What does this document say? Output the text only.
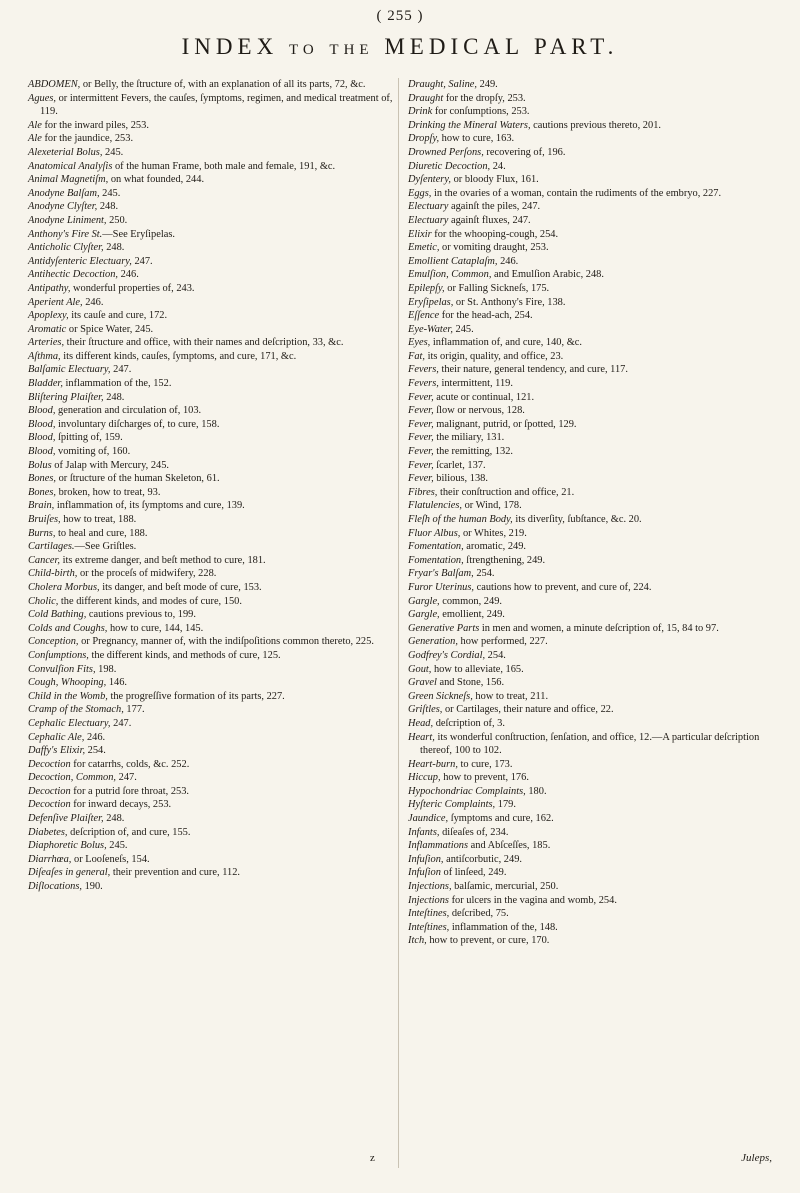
( 255 )
INDEX TO THE MEDICAL PART.

ABDOMEN, or Belly, the ſtructure of, with an explanation of all its parts, 72, &c.

Agues, or intermittent Fevers, the cauſes, ſymptoms, regimen, and medical treatment of, 119.

Ale for the inward piles, 253.

Ale for the jaundice, 253.

Alexeterial Bolus, 245.

Anatomical Analyſis of the human Frame, both male and female, 191, &c.

Animal Magnetiſm, on what founded, 244.

Anodyne Balſam, 245.

Anodyne Clyſter, 248.

Anodyne Liniment, 250.

Anthony's Fire St.—See Eryſipelas.

Anticholic Clyſter, 248.

Antidyſenteric Electuary, 247.

Antihectic Decoction, 246.

Antipathy, wonderful properties of, 243.

Aperient Ale, 246.

Apoplexy, its cauſe and cure, 172.

Aromatic or Spice Water, 245.

Arteries, their ſtructure and office, with their names and deſcription, 33, &c.

Aſthma, its different kinds, cauſes, ſymptoms, and cure, 171, &c.

Balſamic Electuary, 247.

Bladder, inflammation of the, 152.

Bliſtering Plaiſter, 248.

Blood, generation and circulation of, 103.

Blood, involuntary diſcharges of, to cure, 158.

Blood, ſpitting of, 159.

Blood, vomiting of, 160.

Bolus of Jalap with Mercury, 245.

Bones, or ſtructure of the human Skeleton, 61.

Bones, broken, how to treat, 93.

Brain, inflammation of, its ſymptoms and cure, 139.

Bruiſes, how to treat, 188.

Burns, to heal and cure, 188.

Cartilages.—See Griſtles.

Cancer, its extreme danger, and beſt method to cure, 181.

Child-birth, or the proceſs of midwifery, 228.

Cholera Morbus, its danger, and beſt mode of cure, 153.

Cholic, the different kinds, and modes of cure, 150.

Cold Bathing, cautions previous to, 199.

Colds and Coughs, how to cure, 144, 145.

Conception, or Pregnancy, manner of, with the indiſpoſitions common thereto, 225.

Conſumptions, the different kinds, and methods of cure, 125.

Convulſion Fits, 198.

Cough, Whooping, 146.

Child in the Womb, the progreſſive formation of its parts, 227.

Cramp of the Stomach, 177.

Cephalic Electuary, 247.

Cephalic Ale, 246.

Daffy's Elixir, 254.

Decoction for catarrhs, colds, &c. 252.

Decoction, Common, 247.

Decoction for a putrid ſore throat, 253.

Decoction for inward decays, 253.

Defenſive Plaiſter, 248.

Diabetes, deſcription of, and cure, 155.

Diaphoretic Bolus, 245.

Diarrhœa, or Looſeneſs, 154.

Diſeaſes in general, their prevention and cure, 112.

Diſlocations, 190.

Draught, Saline, 249.

Draught for the dropſy, 253.

Drink for conſumptions, 253.

Drinking the Mineral Waters, cautions previous thereto, 201.

Dropſy, how to cure, 163.

Drowned Perſons, recovering of, 196.

Diuretic Decoction, 24.

Dyſentery, or bloody Flux, 161.

Eggs, in the ovaries of a woman, contain the rudiments of the embryo, 227.

Electuary againſt the piles, 247.

Electuary againſt fluxes, 247.

Elixir for the whooping-cough, 254.

Emetic, or vomiting draught, 253.

Emollient Cataplaſm, 246.

Emulſion, Common, and Emulſion Arabic, 248.

Epilepſy, or Falling Sickneſs, 175.

Eryſipelas, or St. Anthony's Fire, 138.

Eſſence for the head-ach, 254.

Eye-Water, 245.

Eyes, inflammation of, and cure, 140, &c.

Fat, its origin, quality, and office, 23.

Fevers, their nature, general tendency, and cure, 117.

Fevers, intermittent, 119.

Fever, acute or continual, 121.

Fever, ſlow or nervous, 128.

Fever, malignant, putrid, or ſpotted, 129.

Fever, the miliary, 131.

Fever, the remitting, 132.

Fever, ſcarlet, 137.

Fever, bilious, 138.

Fibres, their conſtruction and office, 21.

Flatulencies, or Wind, 178.

Fleſh of the human Body, its diverſity, ſubſtance, &c. 20.

Fluor Albus, or Whites, 219.

Fomentation, aromatic, 249.

Fomentation, ſtrengthening, 249.

Fryar's Balſam, 254.

Furor Uterinus, cautions how to prevent, and cure of, 224.

Gargle, common, 249.

Gargle, emollient, 249.

Generative Parts in men and women, a minute deſcription of, 15, 84 to 97.

Generation, how performed, 227.

Godfrey's Cordial, 254.

Gout, how to alleviate, 165.

Gravel and Stone, 156.

Green Sickneſs, how to treat, 211.

Griſtles, or Cartilages, their nature and office, 22.

Head, deſcription of, 3.

Heart, its wonderful conſtruction, ſenſation, and office, 12.—A particular deſcription thereof, 100 to 102.

Heart-burn, to cure, 173.

Hiccup, how to prevent, 176.

Hypochondriac Complaints, 180.

Hyſteric Complaints, 179.

Jaundice, ſymptoms and cure, 162.

Infants, diſeaſes of, 234.

Inflammations and Abſceſſes, 185.

Infuſion, antiſcorbutic, 249.

Infuſion of linſeed, 249.

Injections, balſamic, mercurial, 250.

Injections for ulcers in the vagina and womb, 254.

Inteſtines, deſcribed, 75.

Inteſtines, inflammation of the, 148.

Itch, how to prevent, or cure, 170.

z	Juleps,
